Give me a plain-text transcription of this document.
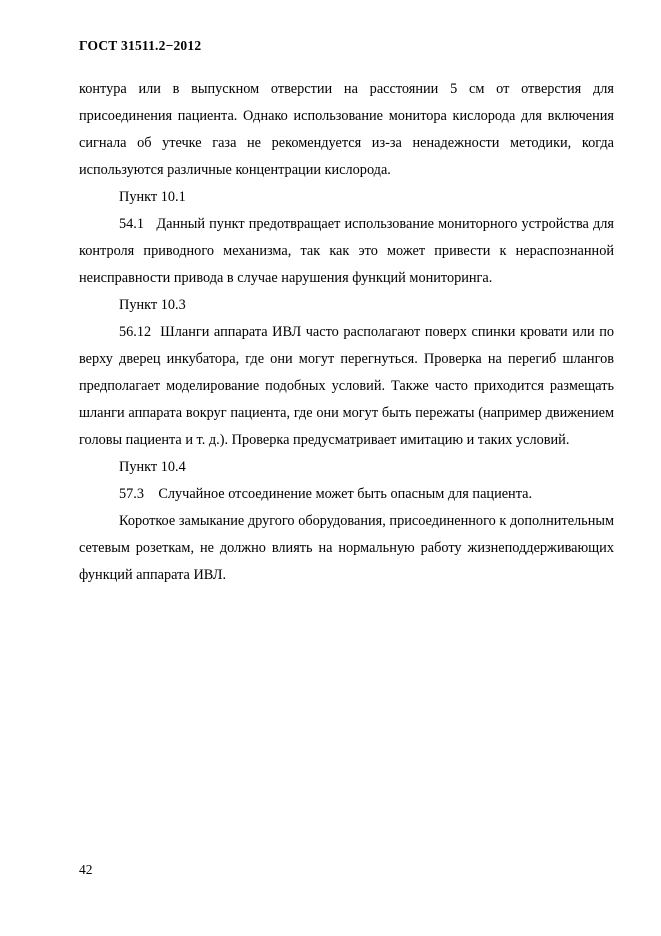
ГОСТ 31511.2−2012

контура или в выпускном отверстии на расстоянии 5 см от отверстия для присоединения пациента. Однако использование монитора кислорода для включения сигнала об утечке газа не рекомендуется из-за ненадежности методики, когда используются различные концентрации кислорода.

Пункт 10.1

54.1   Данный пункт предотвращает использование мониторного устройства для контроля приводного механизма, так как это может привести к нераспознанной неисправности привода в случае нарушения функций мониторинга.

Пункт 10.3

56.12  Шланги аппарата ИВЛ часто располагают поверх спинки кровати или по верху дверец инкубатора, где они могут перегнуться. Проверка на перегиб шлангов предполагает моделирование подобных условий. Также часто приходится размещать шланги аппарата вокруг пациента, где они могут быть пережаты (например движением головы пациента и т. д.). Проверка предусматривает имитацию и таких условий.

Пункт 10.4

57.3    Случайное отсоединение может быть опасным для пациента.

Короткое замыкание другого оборудования, присоединенного к дополнительным сетевым розеткам, не должно влиять на нормальную работу жизнеподдерживающих функций аппарата ИВЛ.

42
